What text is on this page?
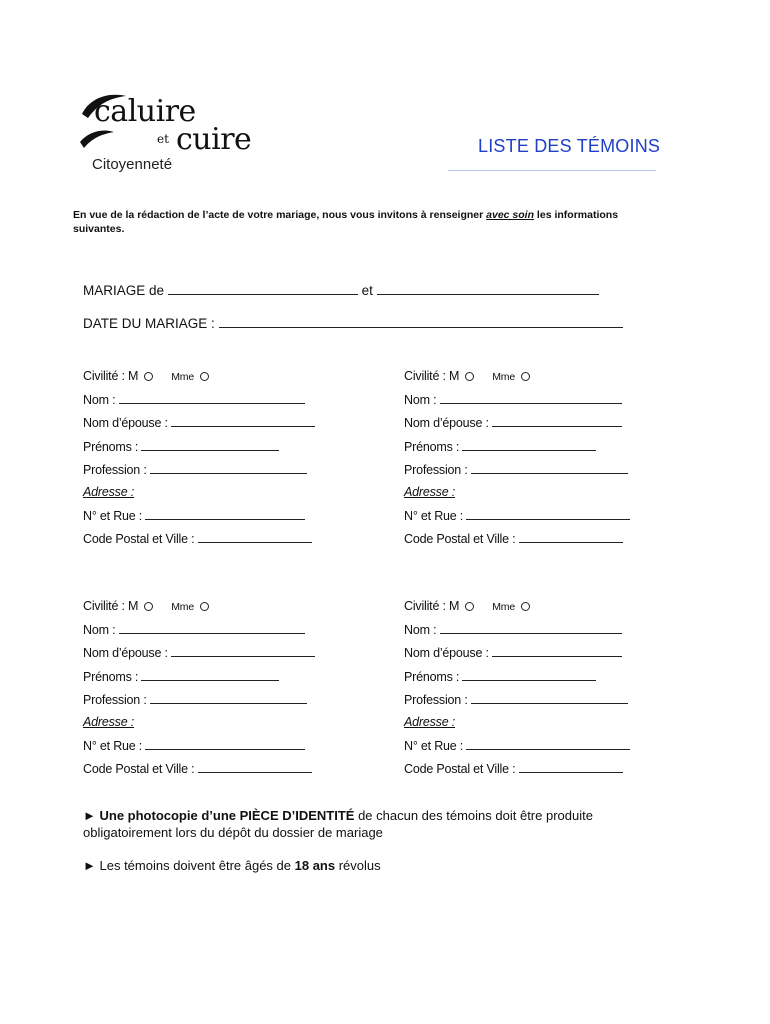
caluire
et cuire
Citoyenneté
LISTE DES TÉMOINS
En vue de la rédaction de l’acte de votre mariage, nous vous invitons à renseigner avec soin les informations suivantes.
MARIAGE de	et
DATE DU MARIAGE :
Civilité : M	Mme
Nom :
Nom d’épouse :
Prénoms :
Profession :
Adresse :
N° et Rue :
Code Postal et Ville :
Civilité : M	Mme
Nom :
Nom d’épouse :
Prénoms :
Profession :
Adresse :
N° et Rue :
Code Postal et Ville :
Civilité : M	Mme
Nom :
Nom d’épouse :
Prénoms :
Profession :
Adresse :
N° et Rue :
Code Postal et Ville :
Civilité : M	Mme
Nom :
Nom d’épouse :
Prénoms :
Profession :
Adresse :
N° et Rue :
Code Postal et Ville :
► Une photocopie d’une PIÈCE D’IDENTITÉ de chacun des témoins doit être produite
obligatoirement lors du dépôt du dossier de mariage
► Les témoins doivent être âgés de 18 ans révolus
